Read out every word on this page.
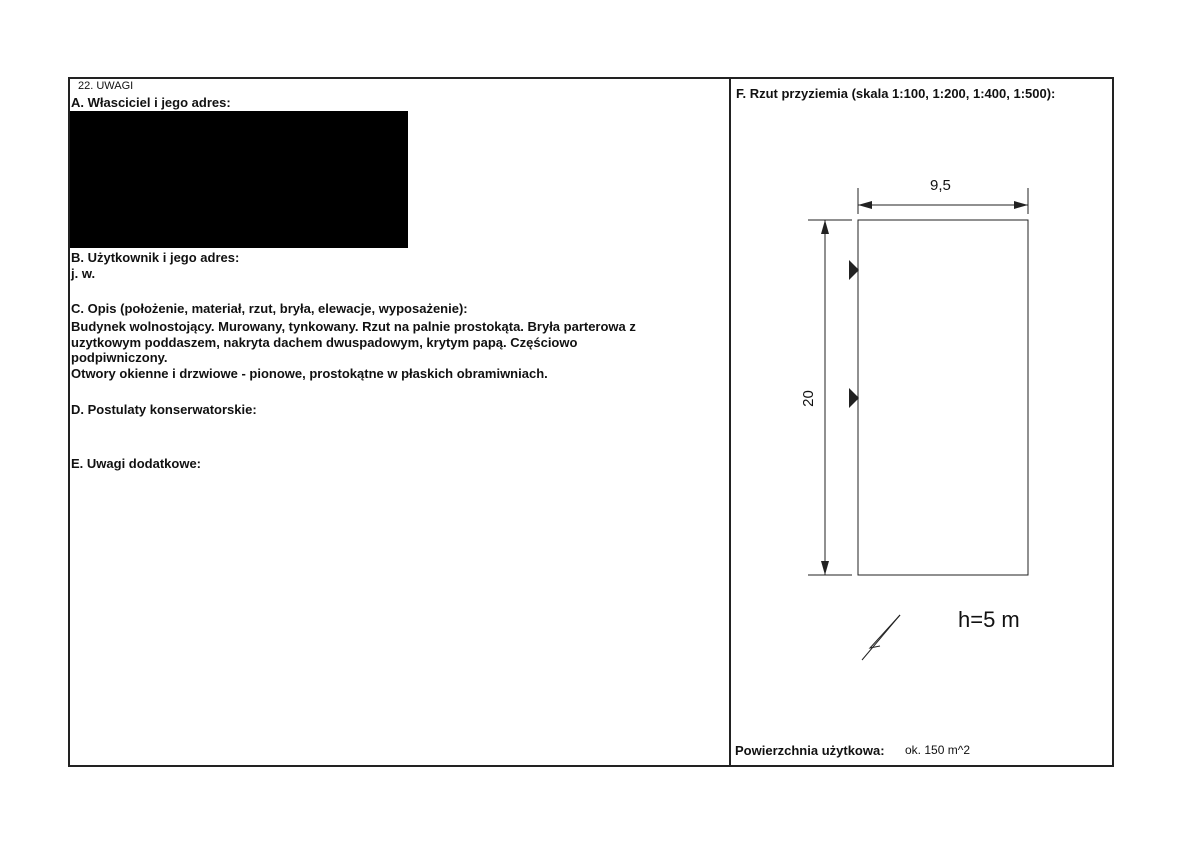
22. UWAGI
A. Własciciel i jego adres:
B. Użytkownik i jego adres:
j. w.
C. Opis (położenie, materiał, rzut, bryła, elewacje, wyposażenie):
Budynek wolnostojący. Murowany, tynkowany. Rzut na palnie prostokąta. Bryła parterowa z
uzytkowym poddaszem, nakryta dachem dwuspadowym, krytym papą. Częściowo
podpiwniczony.
Otwory okienne i drzwiowe - pionowe, prostokątne w płaskich obramiwniach.
D. Postulaty konserwatorskie:
E. Uwagi dodatkowe:
F. Rzut przyziemia (skala 1:100, 1:200, 1:400, 1:500):
9,5
20
h=5 m
Powierzchnia użytkowa: ok. 150 m^2
